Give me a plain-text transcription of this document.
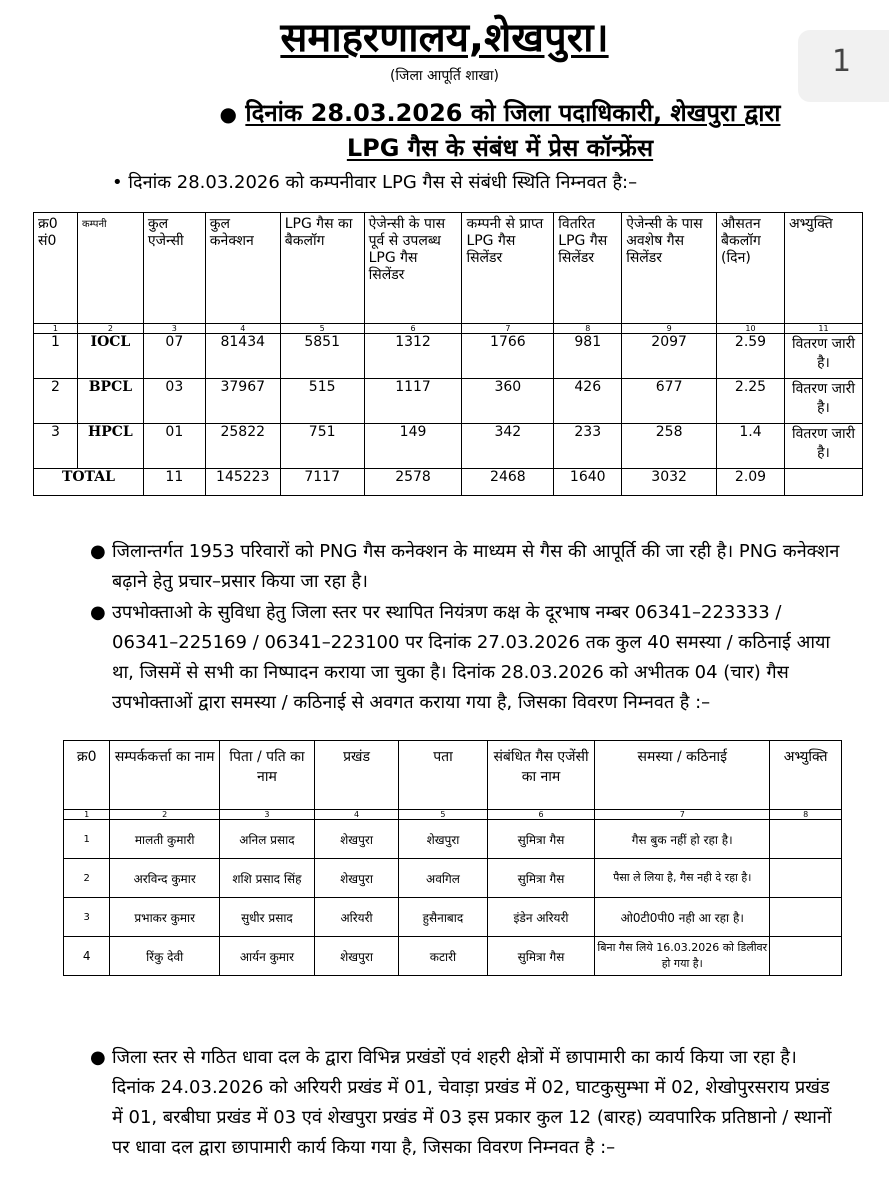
1
समाहरणालय,शेखपुरा।
(जिला आपूर्ति शाखा)
● दिनांक 28.03.2026 को जिला पदाधिकारी, शेखपुरा द्वारा
LPG गैस के संबंध में प्रेस कॉन्फ्रेंस
• दिनांक 28.03.2026 को कम्पनीवार LPG गैस से संबंधी स्थिति निम्नवत है:–
क्र0 सं0	कम्पनी	कुल एजेन्सी	कुल कनेक्शन	LPG गैस का बैकलॉग	ऐजेन्सी के पास पूर्व से उपलब्ध LPG गैस सिलेंडर	कम्पनी से प्राप्त LPG गैस सिलेंडर	वितरित LPG गैस सिलेंडर	ऐजेन्सी के पास अवशेष गैस सिलेंडर	औसतन बैकलॉग (दिन)	अभ्युक्ति
1	2	3	4	5	6	7	8	9	10	11
1	IOCL	07	81434	5851	1312	1766	981	2097	2.59	वितरण जारी है।
2	BPCL	03	37967	515	1117	360	426	677	2.25	वितरण जारी है।
3	HPCL	01	25822	751	149	342	233	258	1.4	वितरण जारी है।
TOTAL		11	145223	7117	2578	2468	1640	3032	2.09	
● जिलान्तर्गत 1953 परिवारों को PNG गैस कनेक्शन के माध्यम से गैस की आपूर्ति की जा रही है। PNG कनेक्शन बढ़ाने हेतु प्रचार–प्रसार किया जा रहा है।
● उपभोक्ताओ के सुविधा हेतु जिला स्तर पर स्थापित नियंत्रण कक्ष के दूरभाष नम्बर 06341–223333 / 06341–225169 / 06341–223100 पर दिनांक 27.03.2026 तक कुल 40 समस्या / कठिनाई आया था, जिसमें से सभी का निष्पादन कराया जा चुका है। दिनांक 28.03.2026 को अभीतक 04 (चार) गैस उपभोक्ताओं द्वारा समस्या / कठिनाई से अवगत कराया गया है, जिसका विवरण निम्नवत है :–
क्र0	सम्पर्ककर्त्ता का नाम	पिता / पति का नाम	प्रखंड	पता	संबंधित गैस एजेंसी का नाम	समस्या / कठिनाई	अभ्युक्ति
1	2	3	4	5	6	7	8
1	मालती कुमारी	अनिल प्रसाद	शेखपुरा	शेखपुरा	सुमित्रा गैस	गैस बुक नहीं हो रहा है।	
2	अरविन्द कुमार	शशि प्रसाद सिंह	शेखपुरा	अवगिल	सुमित्रा गैस	पैसा ले लिया है, गैस नही दे रहा है।	
3	प्रभाकर कुमार	सुधीर प्रसाद	अरियरी	हुसैनाबाद	इंडेन अरियरी	ओ0टी0पी0 नही आ रहा है।	
4	रिंकु देवी	आर्यन कुमार	शेखपुरा	कटारी	सुमित्रा गैस	बिना गैस लिये 16.03.2026 को डिलीवर हो गया है।	
● जिला स्तर से गठित धावा दल के द्वारा विभिन्न प्रखंडों एवं शहरी क्षेत्रों में छापामारी का कार्य किया जा रहा है। दिनांक 24.03.2026 को अरियरी प्रखंड में 01, चेवाड़ा प्रखंड में 02, घाटकुसुम्भा में 02, शेखोपुरसराय प्रखंड में 01, बरबीघा प्रखंड में 03 एवं शेखपुरा प्रखंड में 03 इस प्रकार कुल 12 (बारह) व्यवपारिक प्रतिष्ठानो / स्थानों पर धावा दल द्वारा छापामारी कार्य किया गया है, जिसका विवरण निम्नवत है :–
